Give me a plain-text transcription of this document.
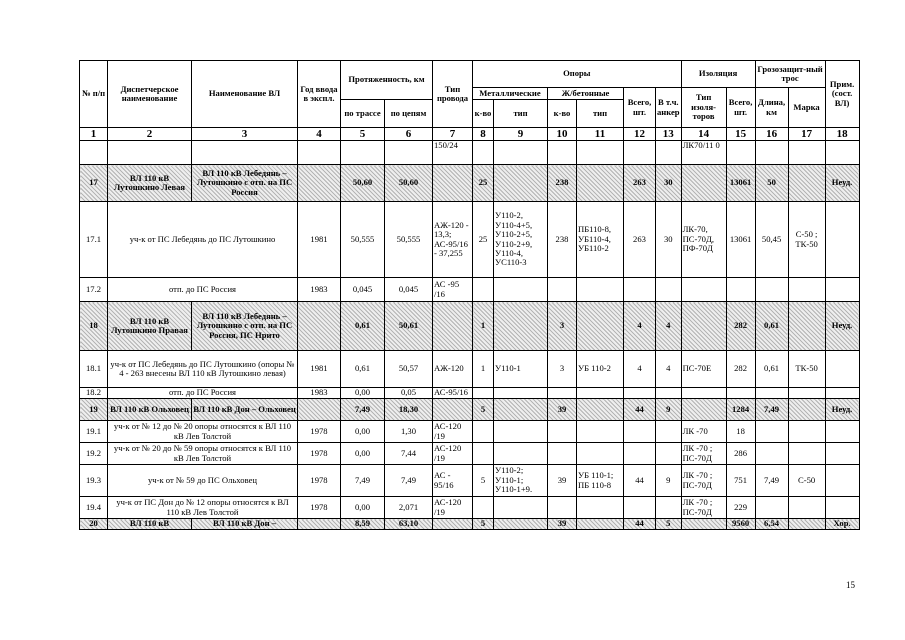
№ п/п	Диспетчерское наименование	Наименование ВЛ	Год ввода в экспл.	Протяженность, км		Тип провода	Опоры						Изоляция		Грозозащит-ный трос		Прим. (сост. ВЛ)
							Металлические		Ж/бетонные		Всего, шт.	В т.ч. анкер	Тип изоля-торов	Всего, шт.	Длина, км	Марка	
				по трассе	по цепям		к-во	тип	к-во	тип							
1	2	3	4	5	6	7	8	9	10	11	12	13	14	15	16	17	18
						150/24							ЛК70/11 0				
17	ВЛ 110 кВ Лутошкино Левая	ВЛ 110 кВ Лебедянь – Лутошкино с отп. на ПС Россия		50,60	50,60		25		238		263	30		13061	50		Неуд.
17.1	уч-к от ПС Лебедянь до ПС Лутошкино		1981	50,555	50,555	АЖ-120 - 13,3; АС-95/16 - 37,255	25	У110-2, У110-4+5, У110-2+5, У110-2+9, У110-4, УС110-3	238	ПБ110-8, УБ110-4, УБ110-2	263	30	ЛК-70, ПС-70Д, ПФ-70Д	13061	50,45	С-50 ; ТК-50	
17.2	отп. до ПС Россия		1983	0,045	0,045	АС -95 /16											
18	ВЛ 110 кВ Лутошкино Правая	ВЛ 110 кВ Лебедянь – Лутошкино с отп. на ПС Россия, ПС Нрито		0,61	50,61		1		3		4	4		282	0,61		Неуд.
18.1	уч-к от ПС Лебедянь до ПС Лутошкино (опоры № 4 - 263 внесены ВЛ 110 кВ Лутошкино левая)		1981	0,61	50,57	АЖ-120	1	У110-1	3	УБ 110-2	4	4	ПС-70Е	282	0,61	ТК-50	
18.2	отп. до ПС Россия		1983	0,00	0,05	АС-95/16											
19	ВЛ 110 кВ Ольховец	ВЛ 110 кВ Дон – Ольховец		7,49	18,30		5		39		44	9		1284	7,49		Неуд.
19.1	уч-к от № 12 до № 20 опоры относятся к ВЛ 110 кВ Лев Толстой		1978	0,00	1,30	АС-120 /19							ЛК -70	18			
19.2	уч-к от № 20 до № 59 опоры относятся к ВЛ 110 кВ Лев Толстой		1978	0,00	7,44	АС-120 /19							ЛК -70 ; ПС-70Д	286			
19.3	уч-к от № 59 до ПС Ольховец		1978	7,49	7,49	АС - 95/16	5	У110-2; У110-1; У110-1+9.	39	УБ 110-1; ПБ 110-8	44	9	ЛК -70 ; ПС-70Д	751	7,49	С-50	
19.4	уч-к от ПС Дон до № 12 опоры относятся к ВЛ 110 кВ Лев Толстой		1978	0,00	2,071	АС-120 /19							ЛК -70 ; ПС-70Д	229			
20	ВЛ 110 кВ	ВЛ 110 кВ Дон –		8,59	63,10		5		39		44	5		9560	6,54		Хор.
15
